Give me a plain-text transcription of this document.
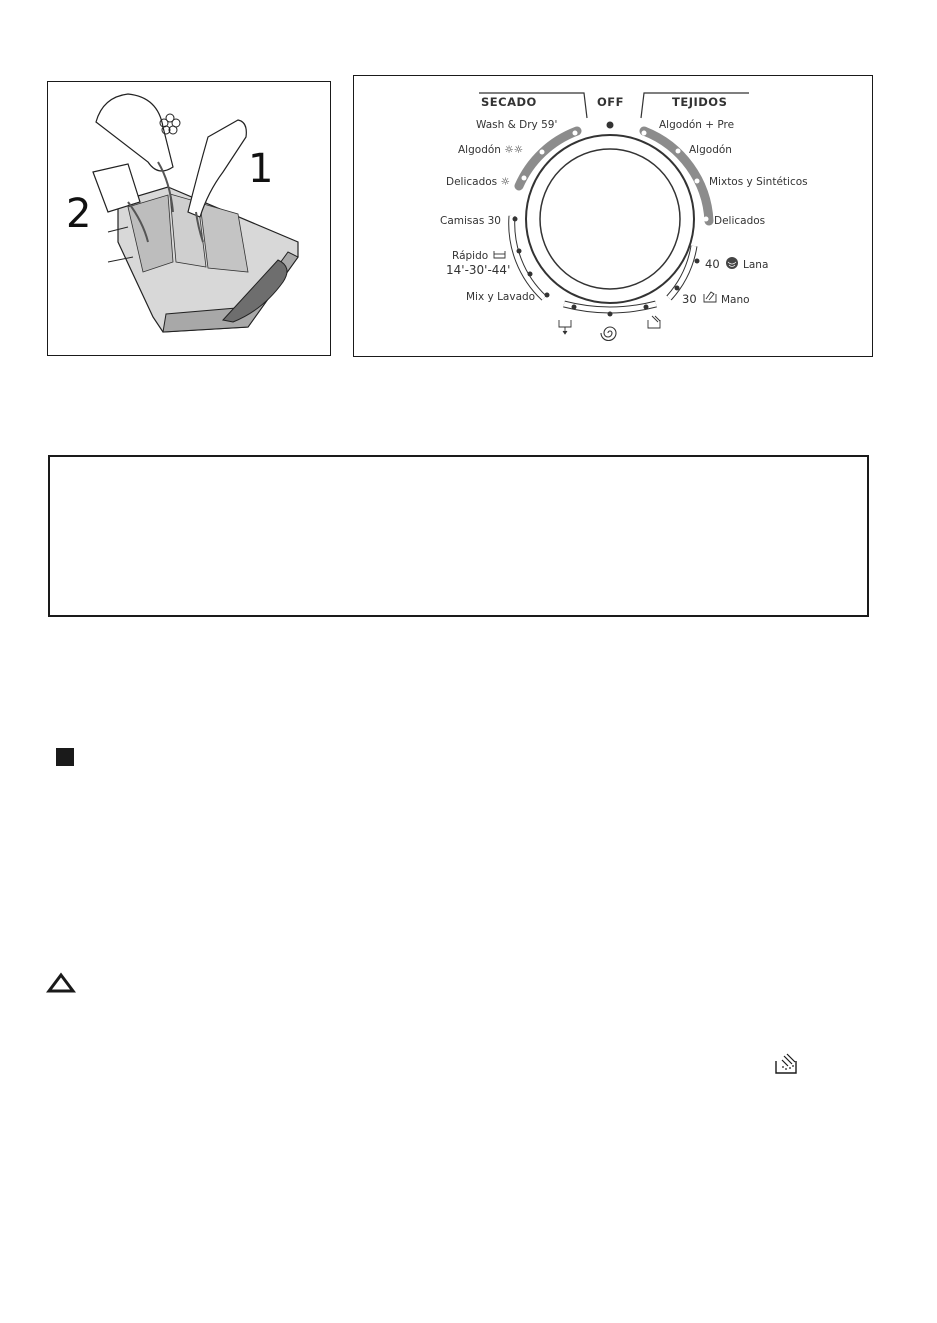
1
2
SECADO	OFF	TEJIDOS
Wash & Dry 59'
Algodón ☼☼
Delicados ☼
Camisas 30
Rápido
14'-30'-44'
Mix y Lavado
Algodón + Pre
Algodón
Mixtos y Sintéticos
Delicados
40 Lana
30 Mano
